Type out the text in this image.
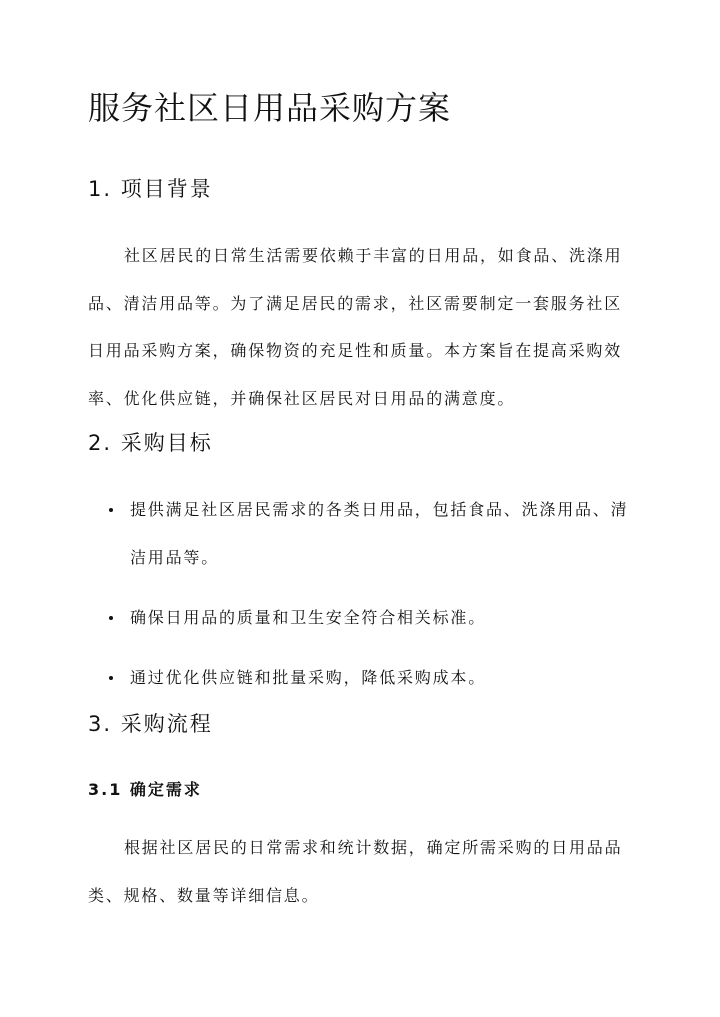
服务社区日用品采购方案
1. 项目背景

社区居民的日常生活需要依赖于丰富的日用品，如食品、洗涤用品、清洁用品等。为了满足居民的需求，社区需要制定一套服务社区日用品采购方案，确保物资的充足性和质量。本方案旨在提高采购效率、优化供应链，并确保社区居民对日用品的满意度。

2. 采购目标
提供满足社区居民需求的各类日用品，包括食品、洗涤用品、清洁用品等。
确保日用品的质量和卫生安全符合相关标准。
通过优化供应链和批量采购，降低采购成本。
3. 采购流程
3.1 确定需求

根据社区居民的日常需求和统计数据，确定所需采购的日用品品类、规格、数量等详细信息。
